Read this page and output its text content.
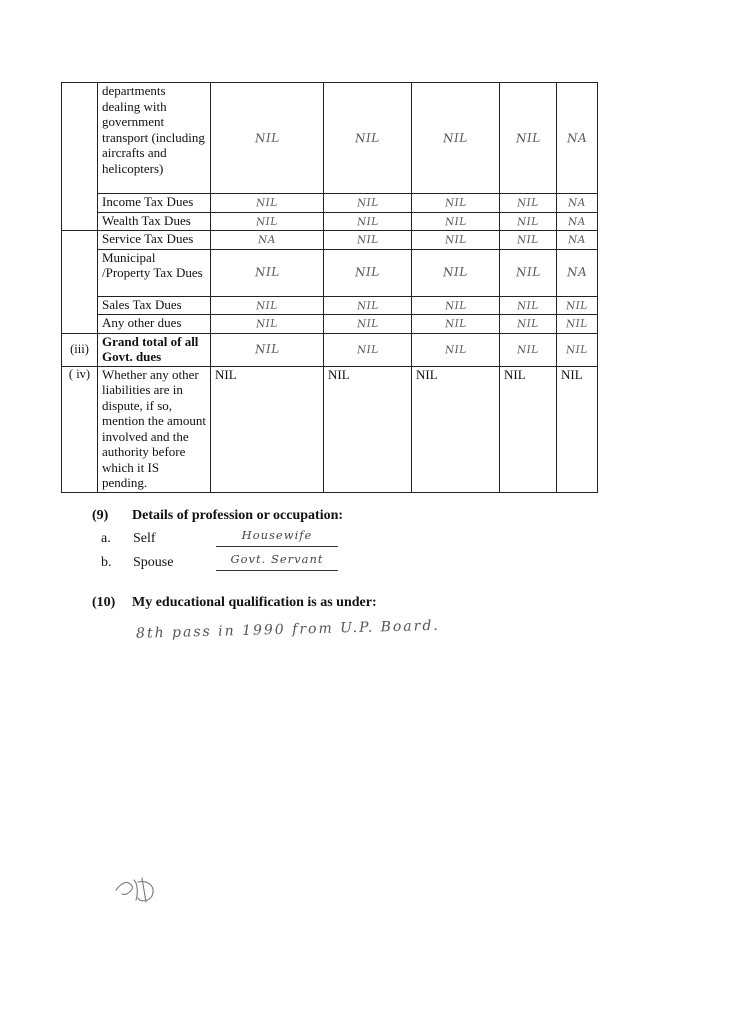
	departments dealing with government transport (including aircrafts and helicopters)	NIL	NIL	NIL	NIL	NA
	Income Tax Dues	NIL	NIL	NIL	NIL	NA
	Wealth Tax Dues	NIL	NIL	NIL	NIL	NA
	Service Tax Dues	NA	NIL	NIL	NIL	NA
	Municipal /Property Tax Dues	NIL	NIL	NIL	NIL	NA
	Sales Tax Dues	NIL	NIL	NIL	NIL	NIL
	Any other dues	NIL	NIL	NIL	NIL	NIL
(iii)	Grand total of all Govt. dues	NIL	NIL	NIL	NIL	NIL
( iv)	Whether any other liabilities are in dispute, if so, mention the amount involved and the authority before which it IS pending.	NIL	NIL	NIL	NIL	NIL
(9) Details of profession or occupation:
a. Self	Housewife
b. Spouse	Govt. Servant
(10) My educational qualification is as under:
8th pass in 1990 from U.P. Board.
